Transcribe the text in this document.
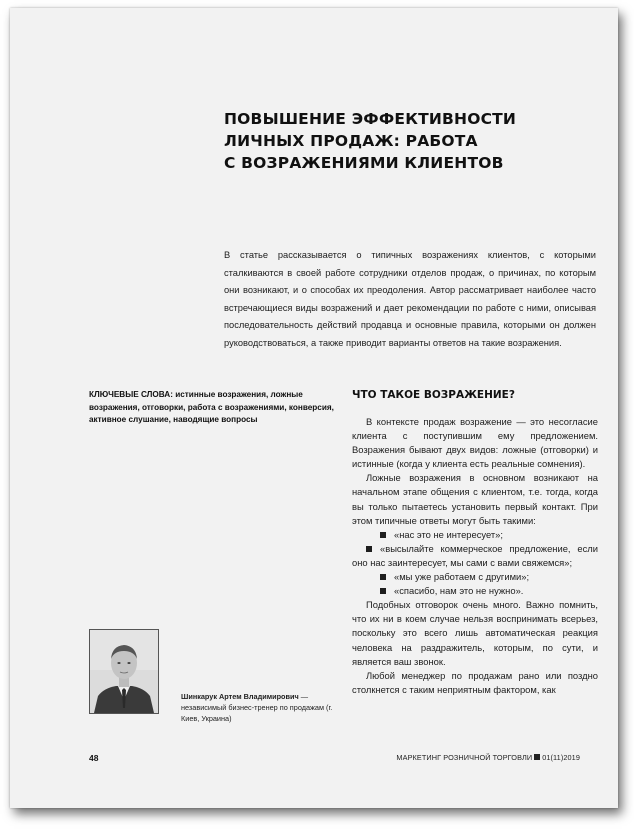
ПОВЫШЕНИЕ ЭФФЕКТИВНОСТИ
ЛИЧНЫХ ПРОДАЖ: РАБОТА
С ВОЗРАЖЕНИЯМИ КЛИЕНТОВ
В статье рассказывается о типичных возражениях клиентов, с которыми сталкиваются в своей работе сотрудники отделов продаж, о причинах, по которым они возникают, и о способах их преодоления. Автор рассматривает наиболее часто встречающиеся виды возражений и дает рекомендации по работе с ними, описывая последовательность действий продавца и основные правила, которыми он должен руководствоваться, а также приводит варианты ответов на такие возражения.
КЛЮЧЕВЫЕ СЛОВА: истинные возражения, ложные возражения, отговорки, работа с возражениями, конверсия, активное слушание, наводящие вопросы
Шинкарук Артем Владимирович — независимый бизнес-тренер по продажам (г. Киев, Украина)
ЧТО ТАКОЕ ВОЗРАЖЕНИЕ?

В контексте продаж возражение — это несогласие клиента с поступившим ему предложением. Возражения бывают двух видов: ложные (отговорки) и истинные (когда у клиента есть реальные сомнения).

Ложные возражения в основном возникают на начальном этапе общения с клиентом, т.е. тогда, когда вы только пытаетесь установить первый контакт. При этом типичные ответы могут быть такими:

«нас это не интересует»;

«высылайте коммерческое предложение, если оно нас заинтересует, мы сами с вами свяжемся»;

«мы уже работаем с другими»;

«спасибо, нам это не нужно».

Подобных отговорок очень много. Важно помнить, что их ни в коем случае нельзя воспринимать всерьез, поскольку это всего лишь автоматическая реакция человека на раздражитель, которым, по сути, и является ваш звонок.

Любой менеджер по продажам рано или поздно столкнется с таким неприятным фактором, как

48	МАРКЕТИНГ РОЗНИЧНОЙ ТОРГОВЛИ 01(11)2019
